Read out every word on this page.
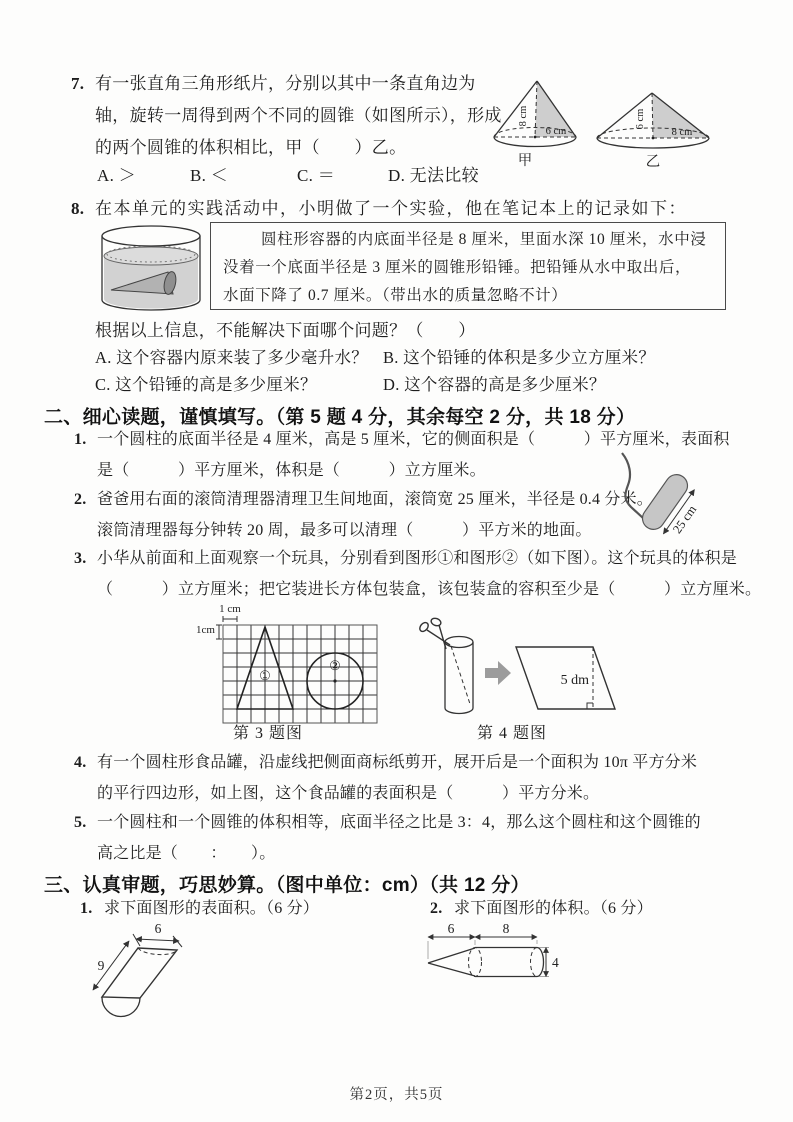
7. 有一张直角三角形纸片，分别以其中一条直角边为
轴，旋转一周得到两个不同的圆锥（如图所示），形成
的两个圆锥的体积相比，甲（　　）乙。
A. ＞	B. ＜	C. ＝	D. 无法比较
8 cm
6 cm
甲
6 cm
8 cm
乙
8. 在本单元的实践活动中，小明做了一个实验，他在笔记本上的记录如下：
圆柱形容器的内底面半径是 8 厘米，里面水深 10 厘米，水中浸
没着一个底面半径是 3 厘米的圆锥形铅锤。把铅锤从水中取出后，
水面下降了 0.7 厘米。（带出水的质量忽略不计）
根据以上信息，不能解决下面哪个问题？（　　）
A. 这个容器内原来装了多少毫升水？ B. 这个铅锤的体积是多少立方厘米？
C. 这个铅锤的高是多少厘米？	D. 这个容器的高是多少厘米？
二、细心读题，谨慎填写。（第 5 题 4 分，其余每空 2 分，共 18 分）
1. 一个圆柱的底面半径是 4 厘米，高是 5 厘米，它的侧面积是（　　　）平方厘米，表面积
是（　　　）平方厘米，体积是（　　　）立方厘米。
2. 爸爸用右面的滚筒清理器清理卫生间地面，滚筒宽 25 厘米，半径是 0.4 分米。
滚筒清理器每分钟转 20 周，最多可以清理（　　　）平方米的地面。	25 cm
3. 小华从前面和上面观察一个玩具，分别看到图形①和图形②（如下图）。这个玩具的体积是
（　　　）立方厘米；把它装进长方体包装盒，该包装盒的容积至少是（　　　）立方厘米。
1 cm
1cm
①
②
第 3 题图
5 dm
第 4 题图
4. 有一个圆柱形食品罐，沿虚线把侧面商标纸剪开，展开后是一个面积为 10π 平方分米
的平行四边形，如上图，这个食品罐的表面积是（　　　）平方分米。
5. 一个圆柱和一个圆锥的体积相等，底面半径之比是 3：4，那么这个圆柱和这个圆锥的
高之比是（　　：　　）。
三、认真审题，巧思妙算。（图中单位：cm）（共 12 分）
1. 求下面图形的表面积。（6 分）	2. 求下面图形的体积。（6 分）
6
9
6	8
4
第2页，共5页
